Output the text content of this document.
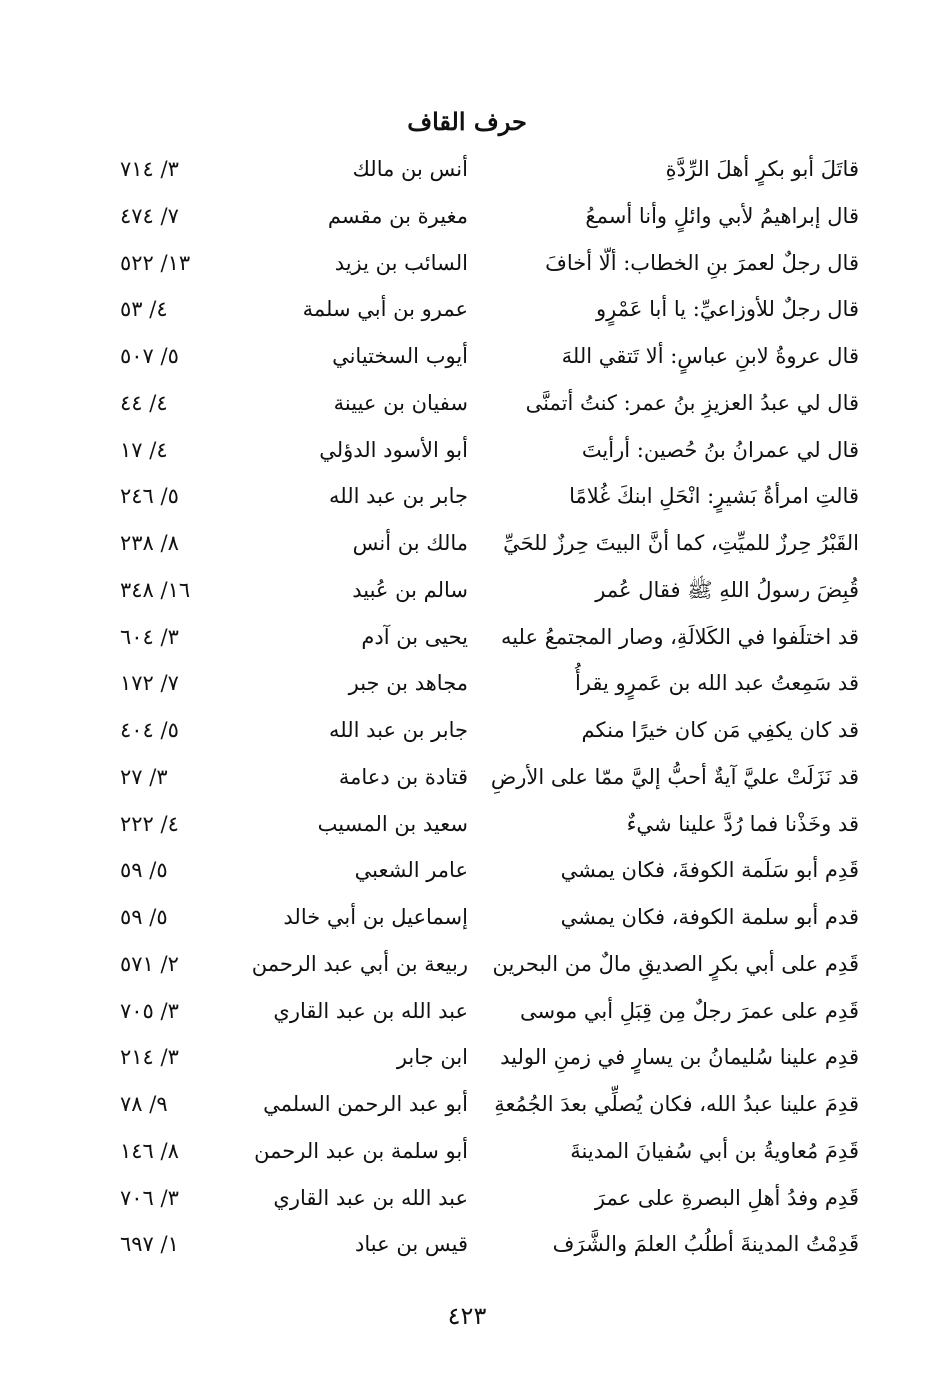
حرف القاف
قاتَلَ أبو بكرٍ أهلَ الرِّدَّةِ
أنس بن مالك
٣/ ٧١٤
قال إبراهيمُ لأبي وائلٍ وأنا أسمعُ
مغيرة بن مقسم
٧/ ٤٧٤
قال رجلٌ لعمرَ بنِ الخطاب: ألّا أخافَ
السائب بن يزيد
١٣/ ٥٢٢
قال رجلٌ للأوزاعيِّ: يا أبا عَمْرٍو
عمرو بن أبي سلمة
٤/ ٥٣
قال عروةُ لابنِ عباسٍ: ألا تَتقي اللهَ
أيوب السختياني
٥/ ٥٠٧
قال لي عبدُ العزيزِ بنُ عمر: كنتُ أتمنَّى
سفيان بن عيينة
٤/ ٤٤
قال لي عمرانُ بنُ حُصين: أرأيتَ
أبو الأسود الدؤلي
٤/ ١٧
قالتِ امرأةُ بَشيرٍ: انْحَلِ ابنكَ غُلامًا
جابر بن عبد الله
٥/ ٢٤٦
القَبْرُ حِرزٌ للميِّتِ، كما أنَّ البيتَ حِرزٌ للحَيِّ
مالك بن أنس
٨/ ٢٣٨
قُبِضَ رسولُ اللهِ ﷺ فقال عُمر
سالم بن عُبيد
١٦/ ٣٤٨
قد اختلَفوا في الكَلالَةِ، وصار المجتمعُ عليه
يحيى بن آدم
٣/ ٦٠٤
قد سَمِعتُ عبد الله بن عَمرٍو يقرأُ
مجاهد بن جبر
٧/ ١٧٢
قد كان يكفِي مَن كان خيرًا منكم
جابر بن عبد الله
٥/ ٤٠٤
قد نَزَلَتْ عليَّ آيةٌ أحبُّ إليَّ ممّا على الأرضِ
قتادة بن دعامة
٣/ ٢٧
قد وخَذْنا فما رُدَّ علينا شيءٌ
سعيد بن المسيب
٤/ ٢٢٢
قَدِم أبو سَلَمة الكوفةَ، فكان يمشي
عامر الشعبي
٥/ ٥٩
قدم أبو سلمة الكوفة، فكان يمشي
إسماعيل بن أبي خالد
٥/ ٥٩
قَدِم على أبي بكرٍ الصديقِ مالٌ من البحرين
ربيعة بن أبي عبد الرحمن
٢/ ٥٧١
قَدِم على عمرَ رجلٌ مِن قِبَلِ أبي موسى
عبد الله بن عبد القاري
٣/ ٧٠٥
قدِم علينا سُليمانُ بن يسارٍ في زمنِ الوليد
ابن جابر
٣/ ٢١٤
قدِمَ علينا عبدُ الله، فكان يُصلِّي بعدَ الجُمُعةِ
أبو عبد الرحمن السلمي
٩/ ٧٨
قَدِمَ مُعاويةُ بن أبي سُفيانَ المدينةَ
أبو سلمة بن عبد الرحمن
٨/ ١٤٦
قَدِم وفدُ أهلِ البصرةِ على عمرَ
عبد الله بن عبد القاري
٣/ ٧٠٦
قَدِمْتُ المدينةَ أطلُبُ العلمَ والشَّرَف
قيس بن عباد
١/ ٦٩٧
٤٢٣
